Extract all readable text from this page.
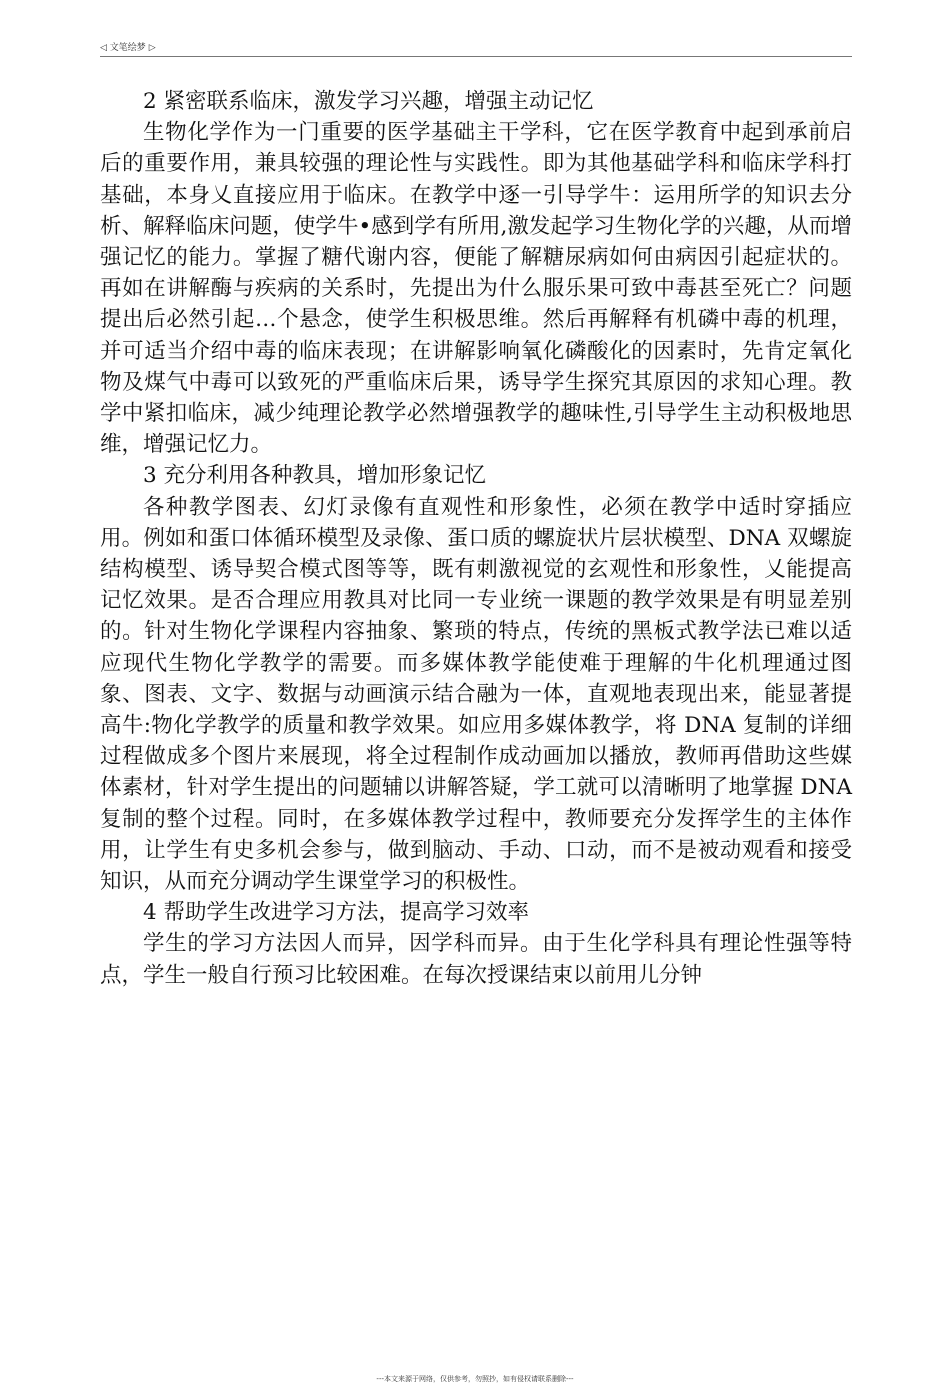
◁ 文笔绘梦 ▷

2 紧密联系临床，激发学习兴趣，增强主动记忆

生物化学作为一门重要的医学基础主干学科，它在医学教育中起到承前启后的重要作用，兼具较强的理论性与实践性。即为其他基础学科和临床学科打基础，本身乂直接应用于临床。在教学中逐一引导学牛：运用所学的知识去分析、解释临床问题，使学牛•感到学有所用,激发起学习生物化学的兴趣，从而增强记忆的能力。掌握了糖代谢内容，便能了解糖尿病如何由病因引起症状的。再如在讲解酶与疾病的关系时，先提出为什么服乐果可致中毒甚至死亡？问题提出后必然引起…个悬念，使学生积极思维。然后再解释有机磷中毒的机理，并可适当介绍中毒的临床表现；在讲解影响氧化磷酸化的因素时，先肯定氧化物及煤气中毒可以致死的严重临床后果，诱导学生探究其原因的求知心理。教学中紧扣临床，减少纯理论教学必然增强教学的趣味性,引导学生主动积极地思维，增强记忆力。

3 充分利用各种教具，增加形象记忆

各种教学图表、幻灯录像有直观性和形象性，必须在教学中适时穿插应用。例如和蛋口体循环模型及录像、蛋口质的螺旋状片层状模型、DNA 双螺旋结构模型、诱导契合模式图等等，既有刺激视觉的玄观性和形象性，乂能提高记忆效果。是否合理应用教具对比同一专业统一课题的教学效果是有明显差别的。针对生物化学课程内容抽象、繁琐的特点，传统的黑板式教学法已难以适应现代生物化学教学的需要。而多媒体教学能使难于理解的牛化机理通过图象、图表、文字、数据与动画演示结合融为一体，直观地表现出来，能显著提高牛:物化学教学的质量和教学效果。如应用多媒体教学，将 DNA 复制的详细过程做成多个图片来展现，将全过程制作成动画加以播放，教师再借助这些媒体素材，针对学生提出的问题辅以讲解答疑，学工就可以清晰明了地掌握 DNA 复制的整个过程。同时，在多媒体教学过程中，教师要充分发挥学生的主体作用，让学生有史多机会参与，做到脑动、手动、口动，而不是被动观看和接受知识，从而充分调动学生课堂学习的积极性。

4 帮助学生改进学习方法，提高学习效率

学生的学习方法因人而异，因学科而异。由于生化学科具有理论性强等特点，学生一般自行预习比较困难。在每次授课结束以前用儿分钟

---本文来源于网络，仅供参考，勿照抄，如有侵权请联系删除---
